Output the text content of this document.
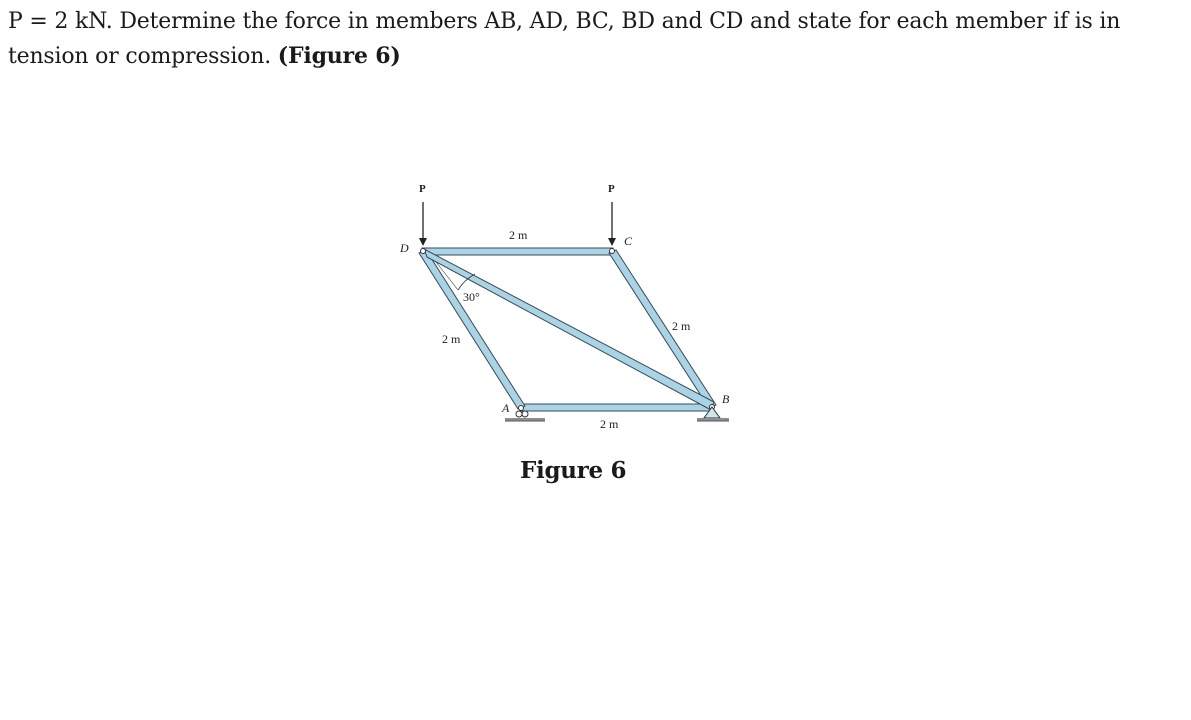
P = 2 kN. Determine the force in members AB, AD, BC, BD and CD and state for each member if is in tension or compression. (Figure 6)
P	P
D	C
A
B
2 m
2 m
2 m
2 m
30°
Figure 6
